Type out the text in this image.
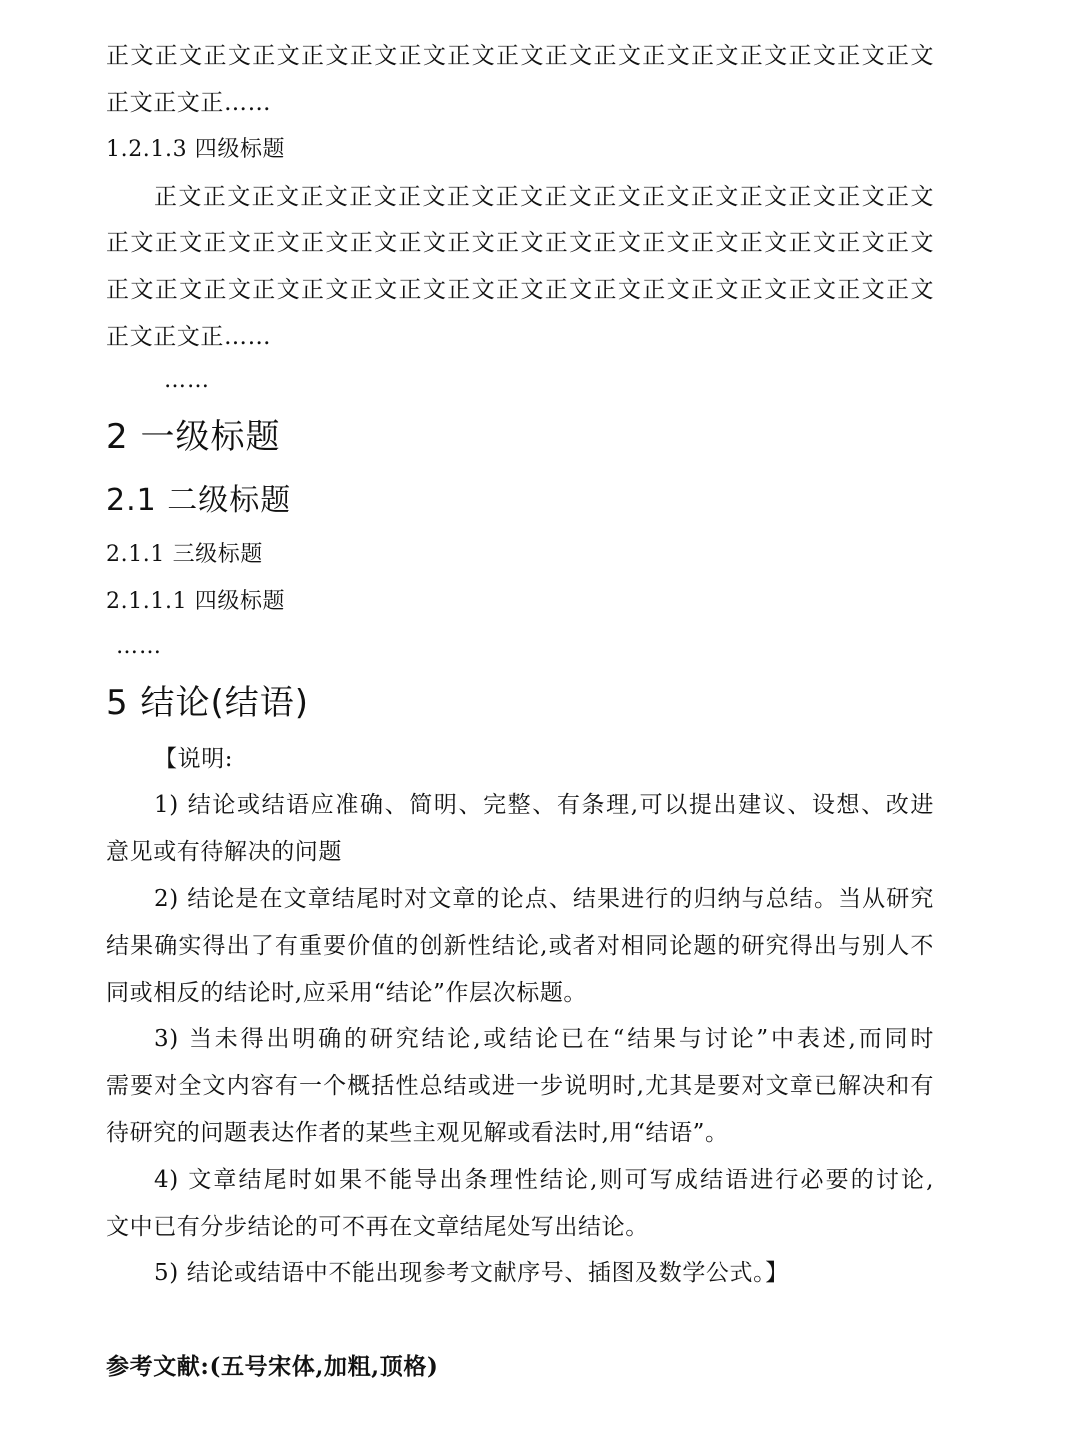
正文正文正文正文正文正文正文正文正文正文正文正文正文正文正文正文正文
正文正文正……
1.2.1.3 四级标题
正文正文正文正文正文正文正文正文正文正文正文正文正文正文正文正文
正文正文正文正文正文正文正文正文正文正文正文正文正文正文正文正文正文
正文正文正文正文正文正文正文正文正文正文正文正文正文正文正文正文正文
正文正文正……
……
2 一级标题
2.1 二级标题
2.1.1 三级标题
2.1.1.1 四级标题
……
5 结论(结语)
【说明:
1) 结论或结语应准确、简明、完整、有条理,可以提出建议、设想、改进
意见或有待解决的问题
2) 结论是在文章结尾时对文章的论点、结果进行的归纳与总结。当从研究
结果确实得出了有重要价值的创新性结论,或者对相同论题的研究得出与别人不
同或相反的结论时,应采用“结论”作层次标题。
3) 当未得出明确的研究结论,或结论已在“结果与讨论”中表述,而同时
需要对全文内容有一个概括性总结或进一步说明时,尤其是要对文章已解决和有
待研究的问题表达作者的某些主观见解或看法时,用“结语”。
4) 文章结尾时如果不能导出条理性结论,则可写成结语进行必要的讨论,
文中已有分步结论的可不再在文章结尾处写出结论。
5) 结论或结语中不能出现参考文献序号、插图及数学公式。】
参考文献:(五号宋体,加粗,顶格)
